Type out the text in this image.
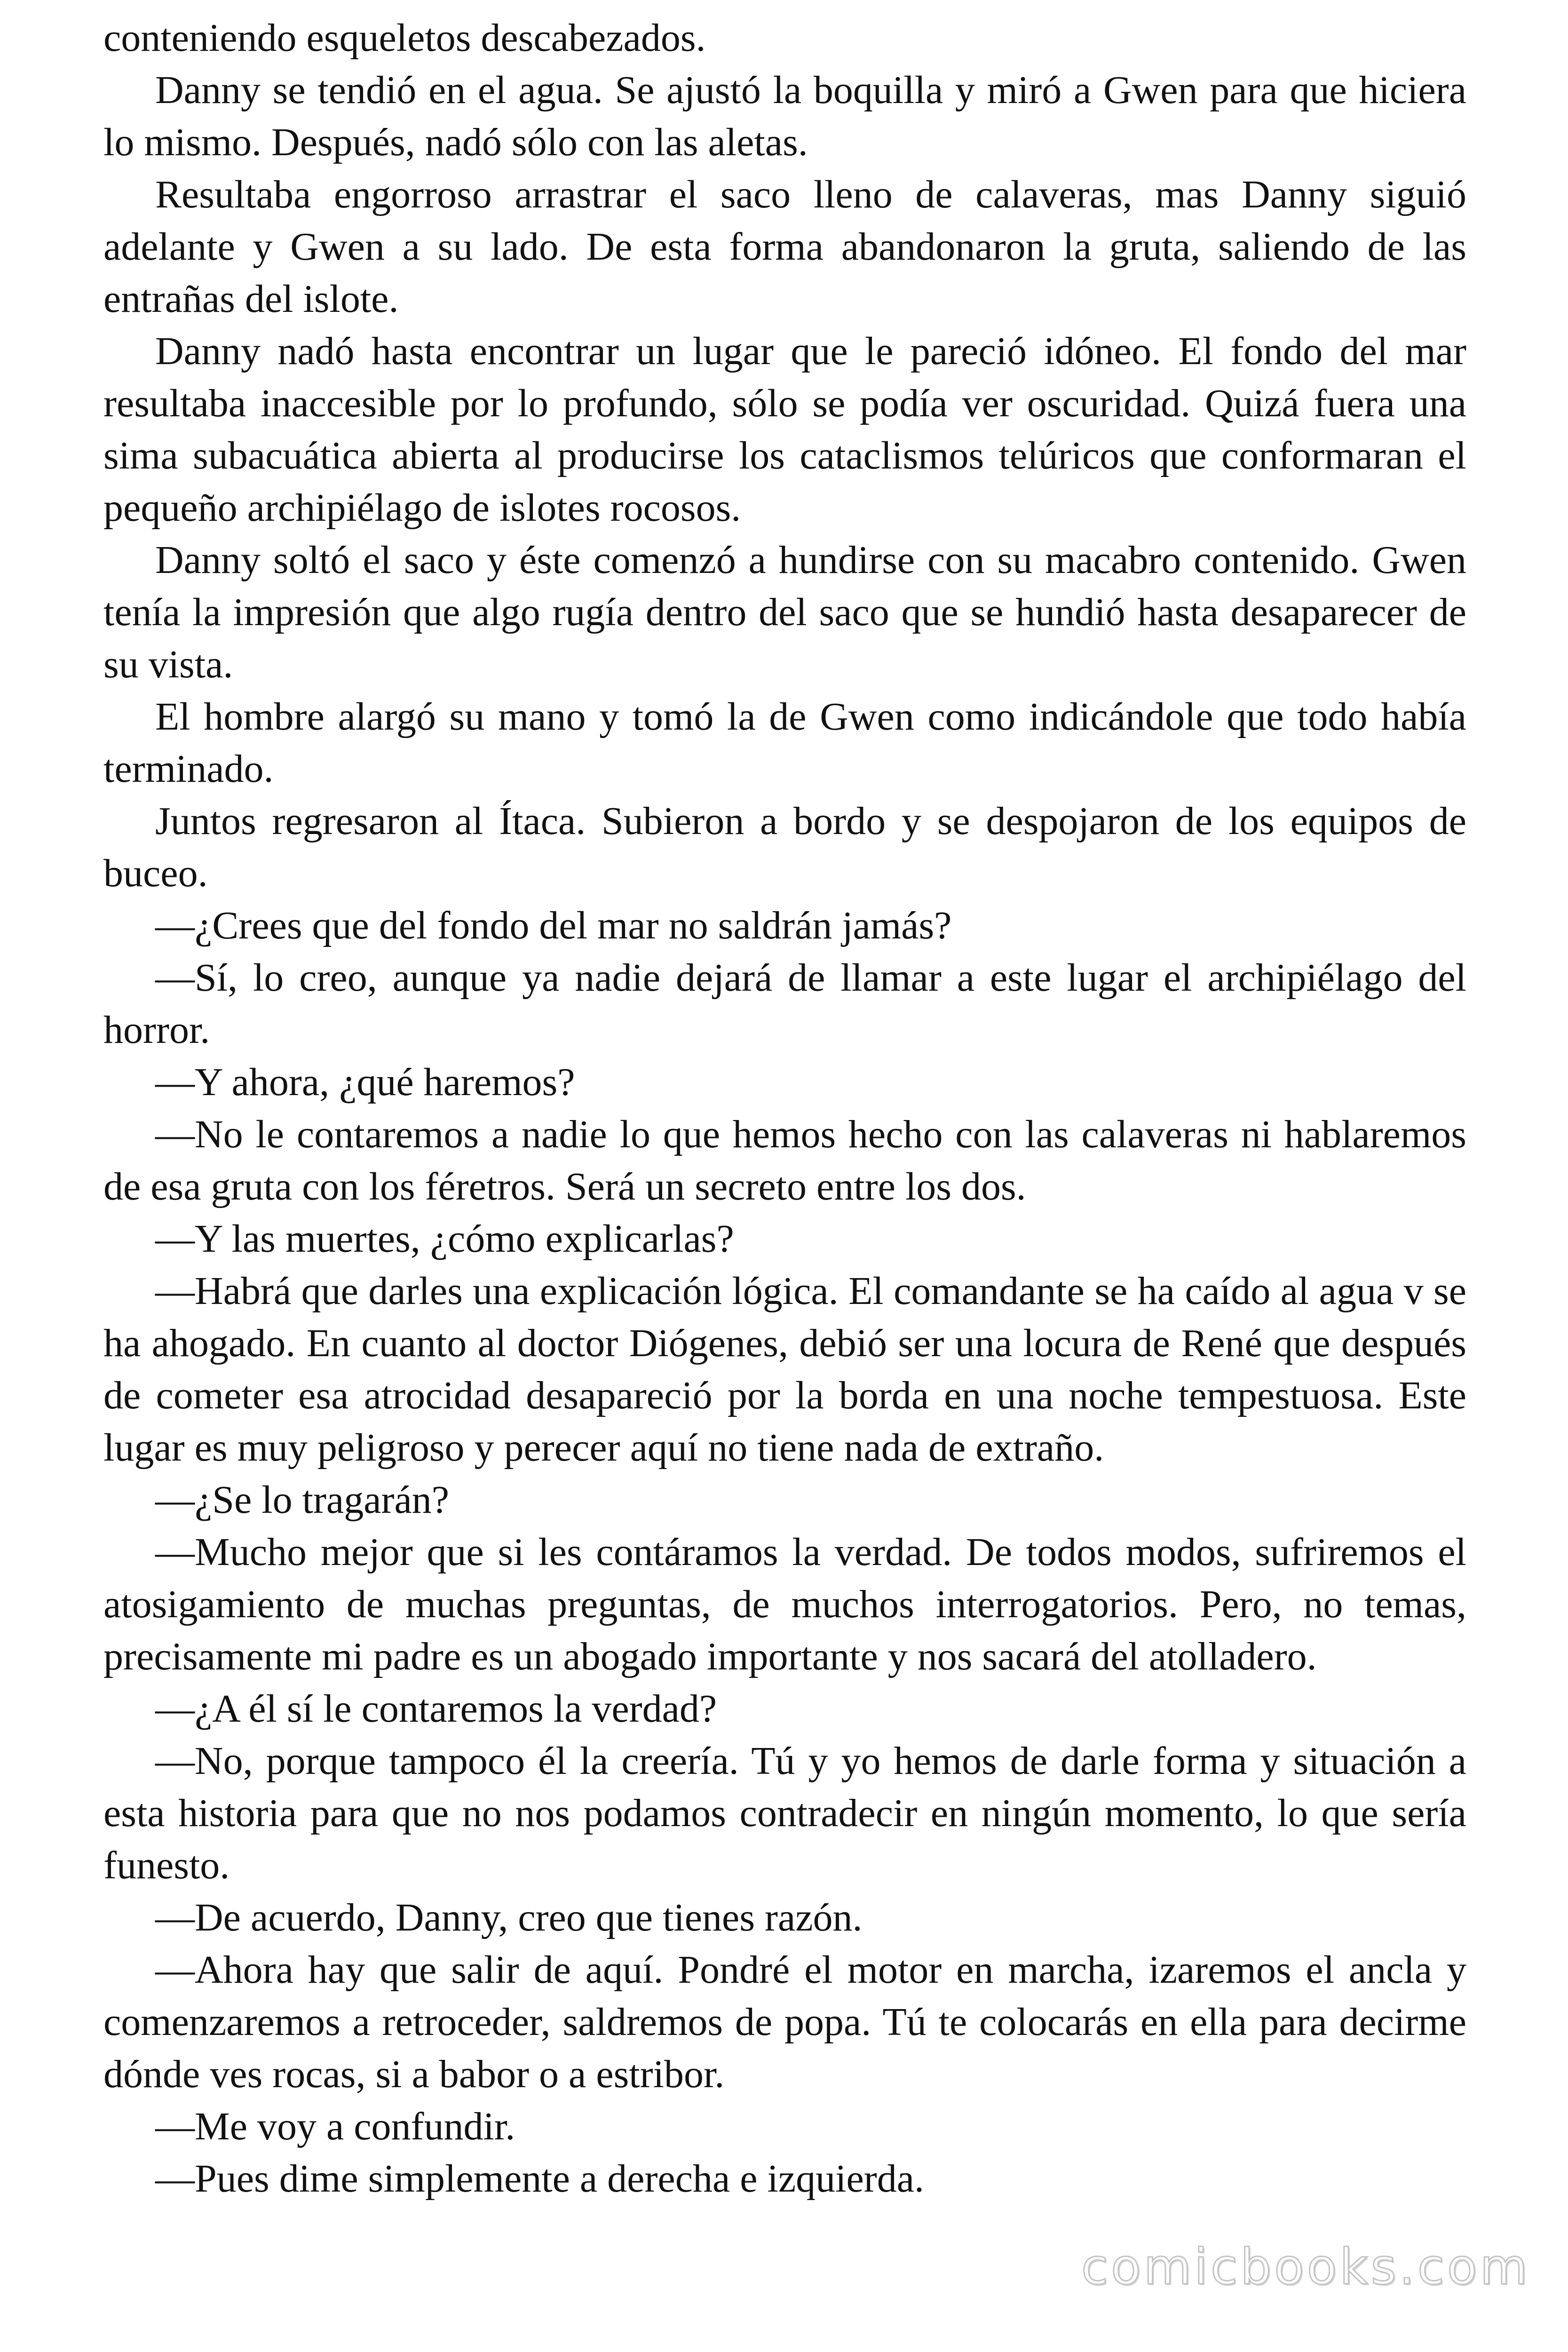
conteniendo esqueletos descabezados.

Danny se tendió en el agua. Se ajustó la boquilla y miró a Gwen para que hiciera lo mismo. Después, nadó sólo con las aletas.

Resultaba engorroso arrastrar el saco lleno de calaveras, mas Danny siguió adelante y Gwen a su lado. De esta forma abandonaron la gruta, saliendo de las entrañas del islote.

Danny nadó hasta encontrar un lugar que le pareció idóneo. El fondo del mar resultaba inaccesible por lo profundo, sólo se podía ver oscuridad. Quizá fuera una sima subacuática abierta al producirse los cataclismos telúricos que conformaran el pequeño archipiélago de islotes rocosos.

Danny soltó el saco y éste comenzó a hundirse con su macabro contenido. Gwen tenía la impresión que algo rugía dentro del saco que se hundió hasta desaparecer de su vista.

El hombre alargó su mano y tomó la de Gwen como indicándole que todo había terminado.

Juntos regresaron al Ítaca. Subieron a bordo y se despojaron de los equipos de buceo.

—¿Crees que del fondo del mar no saldrán jamás?

—Sí, lo creo, aunque ya nadie dejará de llamar a este lugar el archipiélago del horror.

—Y ahora, ¿qué haremos?

—No le contaremos a nadie lo que hemos hecho con las calaveras ni hablaremos de esa gruta con los féretros. Será un secreto entre los dos.

—Y las muertes, ¿cómo explicarlas?

—Habrá que darles una explicación lógica. El comandante se ha caído al agua v se ha ahogado. En cuanto al doctor Diógenes, debió ser una locura de René que después de cometer esa atrocidad desapareció por la borda en una noche tempestuosa. Este lugar es muy peligroso y perecer aquí no tiene nada de extraño.

—¿Se lo tragarán?

—Mucho mejor que si les contáramos la verdad. De todos modos, sufriremos el atosigamiento de muchas preguntas, de muchos interrogatorios. Pero, no temas, precisamente mi padre es un abogado importante y nos sacará del atolladero.

—¿A él sí le contaremos la verdad?

—No, porque tampoco él la creería. Tú y yo hemos de darle forma y situación a esta historia para que no nos podamos contradecir en ningún momento, lo que sería funesto.

—De acuerdo, Danny, creo que tienes razón.

—Ahora hay que salir de aquí. Pondré el motor en marcha, izaremos el ancla y comenzaremos a retroceder, saldremos de popa. Tú te colocarás en ella para decirme dónde ves rocas, si a babor o a estribor.

—Me voy a confundir.

—Pues dime simplemente a derecha e izquierda.

comicbooks.com
